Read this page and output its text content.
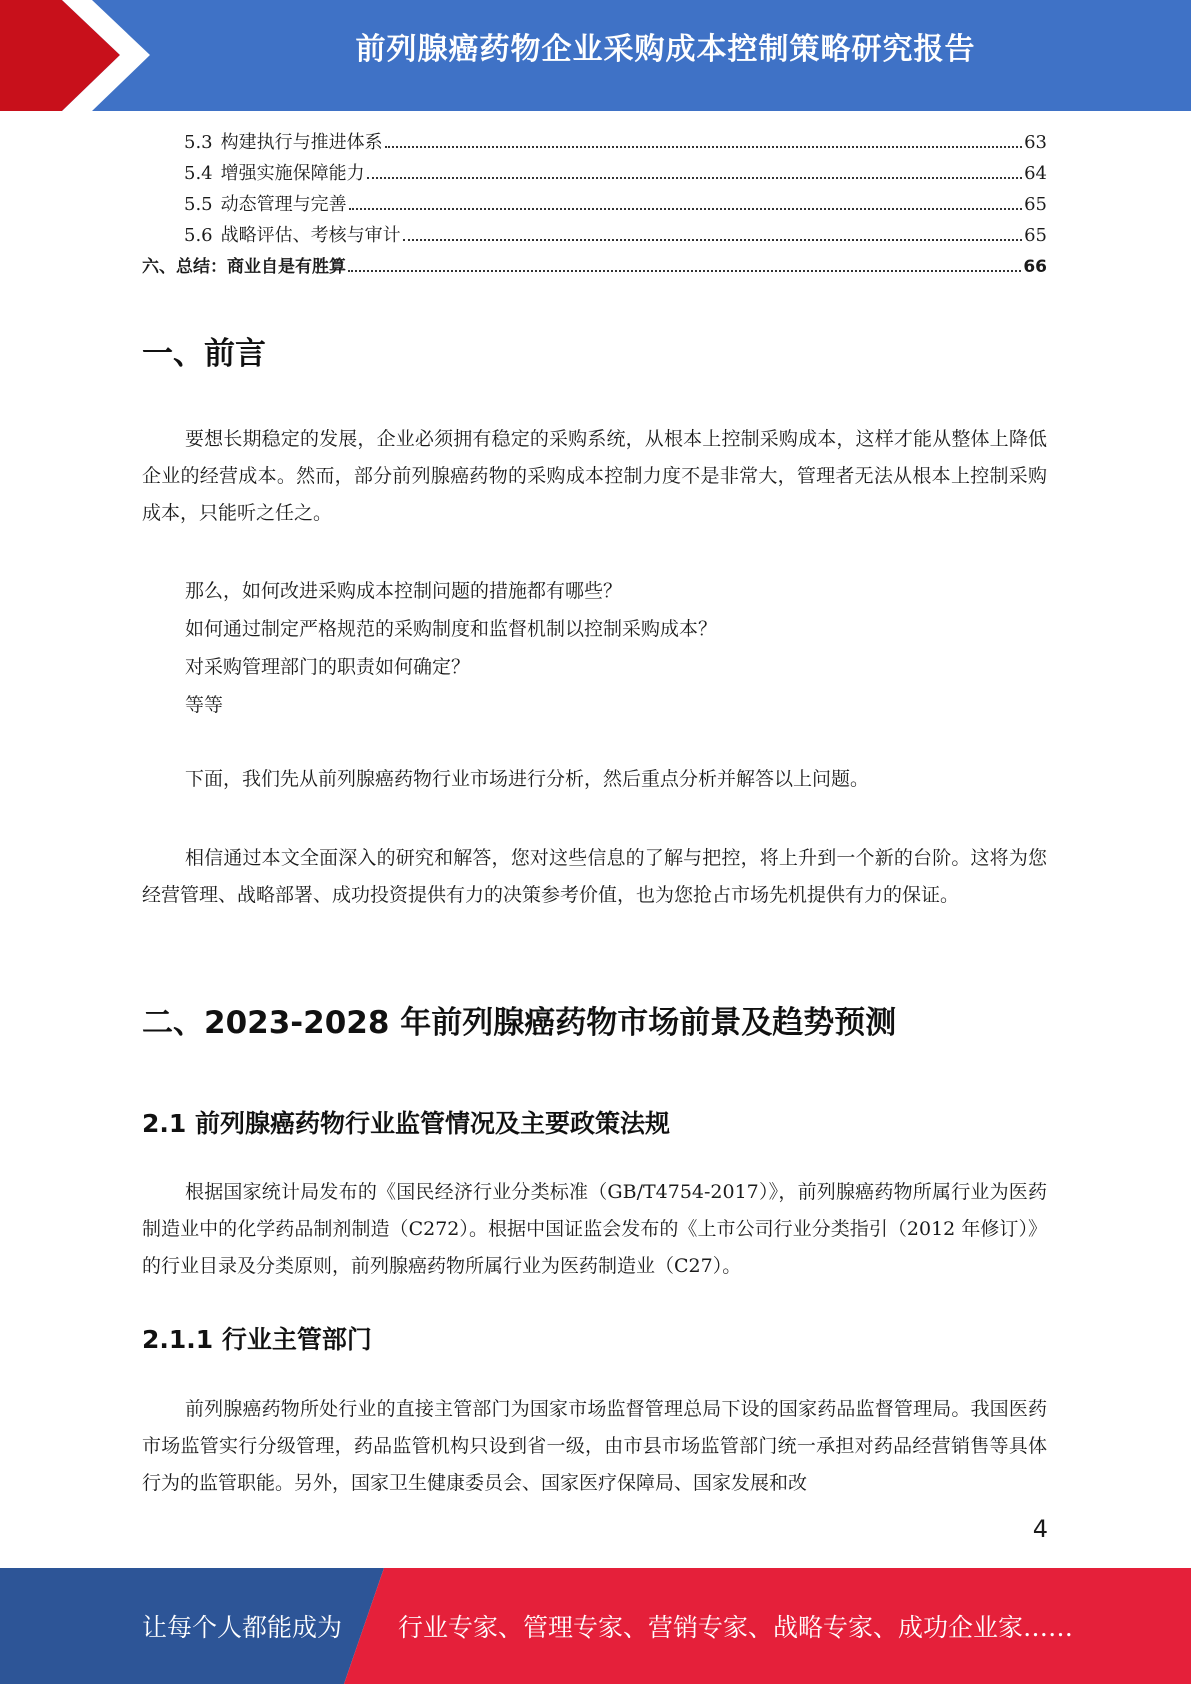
前列腺癌药物企业采购成本控制策略研究报告
5.3 构建执行与推进体系	63
5.4 增强实施保障能力	64
5.5 动态管理与完善	65
5.6 战略评估、考核与审计	65
六、总结：商业自是有胜算	66
一、前言

要想长期稳定的发展，企业必须拥有稳定的采购系统，从根本上控制采购成本，这样才能从整体上降低企业的经营成本。然而，部分前列腺癌药物的采购成本控制力度不是非常大，管理者无法从根本上控制采购成本，只能听之任之。

那么，如何改进采购成本控制问题的措施都有哪些？
如何通过制定严格规范的采购制度和监督机制以控制采购成本？
对采购管理部门的职责如何确定？
等等

下面，我们先从前列腺癌药物行业市场进行分析，然后重点分析并解答以上问题。

相信通过本文全面深入的研究和解答，您对这些信息的了解与把控，将上升到一个新的台阶。这将为您经营管理、战略部署、成功投资提供有力的决策参考价值，也为您抢占市场先机提供有力的保证。

二、2023-2028 年前列腺癌药物市场前景及趋势预测
2.1 前列腺癌药物行业监管情况及主要政策法规

根据国家统计局发布的《国民经济行业分类标准（GB/T4754-2017）》，前列腺癌药物所属行业为医药制造业中的化学药品制剂制造（C272）。根据中国证监会发布的《上市公司行业分类指引（2012 年修订）》的行业目录及分类原则，前列腺癌药物所属行业为医药制造业（C27）。

2.1.1 行业主管部门

前列腺癌药物所处行业的直接主管部门为国家市场监督管理总局下设的国家药品监督管理局。我国医药市场监管实行分级管理，药品监管机构只设到省一级，由市县市场监管部门统一承担对药品经营销售等具体行为的监管职能。另外，国家卫生健康委员会、国家医疗保障局、国家发展和改

4
让每个人都能成为 行业专家、管理专家、营销专家、战略专家、成功企业家……
